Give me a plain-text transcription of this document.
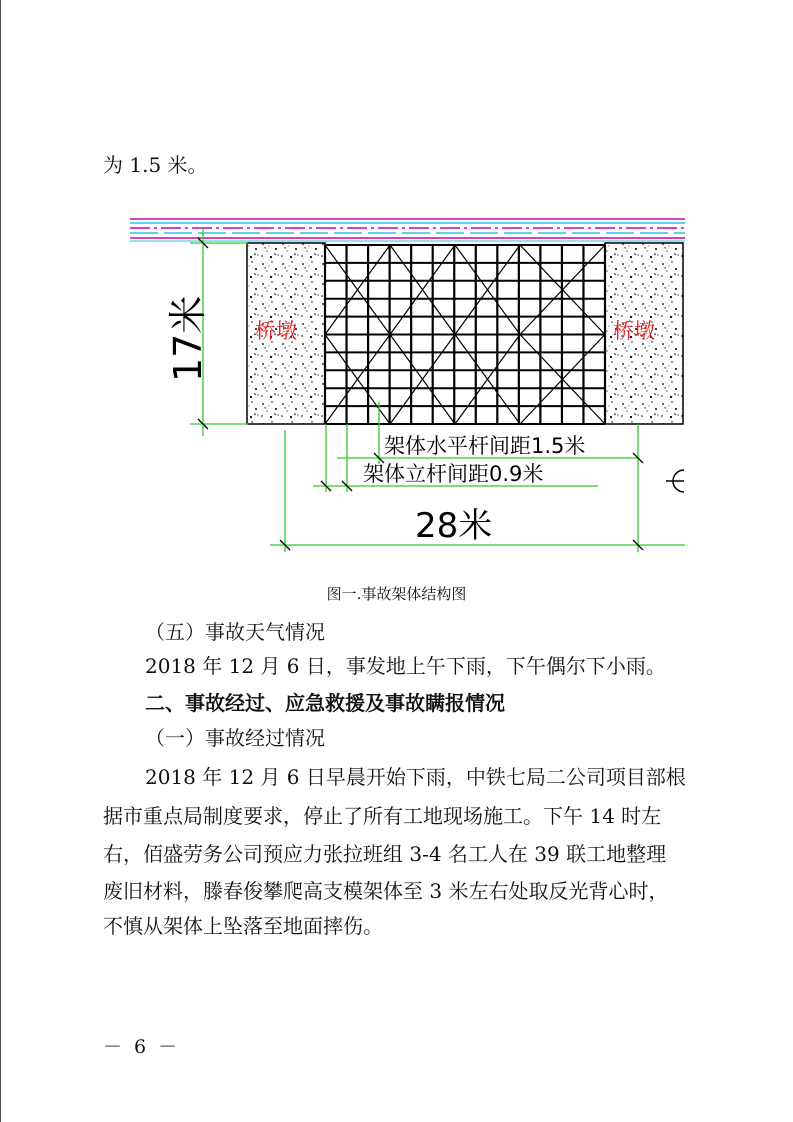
为 1.5 米。
桥墩	桥墩
17米
架体水平杆间距1.5米
架体立杆间距0.9米
28米
图一.事故架体结构图
（五）事故天气情况
2018 年 12 月 6 日，事发地上午下雨，下午偶尔下小雨。
二、事故经过、应急救援及事故瞒报情况
（一）事故经过情况
2018 年 12 月 6 日早晨开始下雨，中铁七局二公司项目部根
据市重点局制度要求，停止了所有工地现场施工。下午 14 时左
右，佰盛劳务公司预应力张拉班组 3-4 名工人在 39 联工地整理
废旧材料，滕春俊攀爬高支模架体至 3 米左右处取反光背心时，
不慎从架体上坠落至地面摔伤。
－ 6 －
